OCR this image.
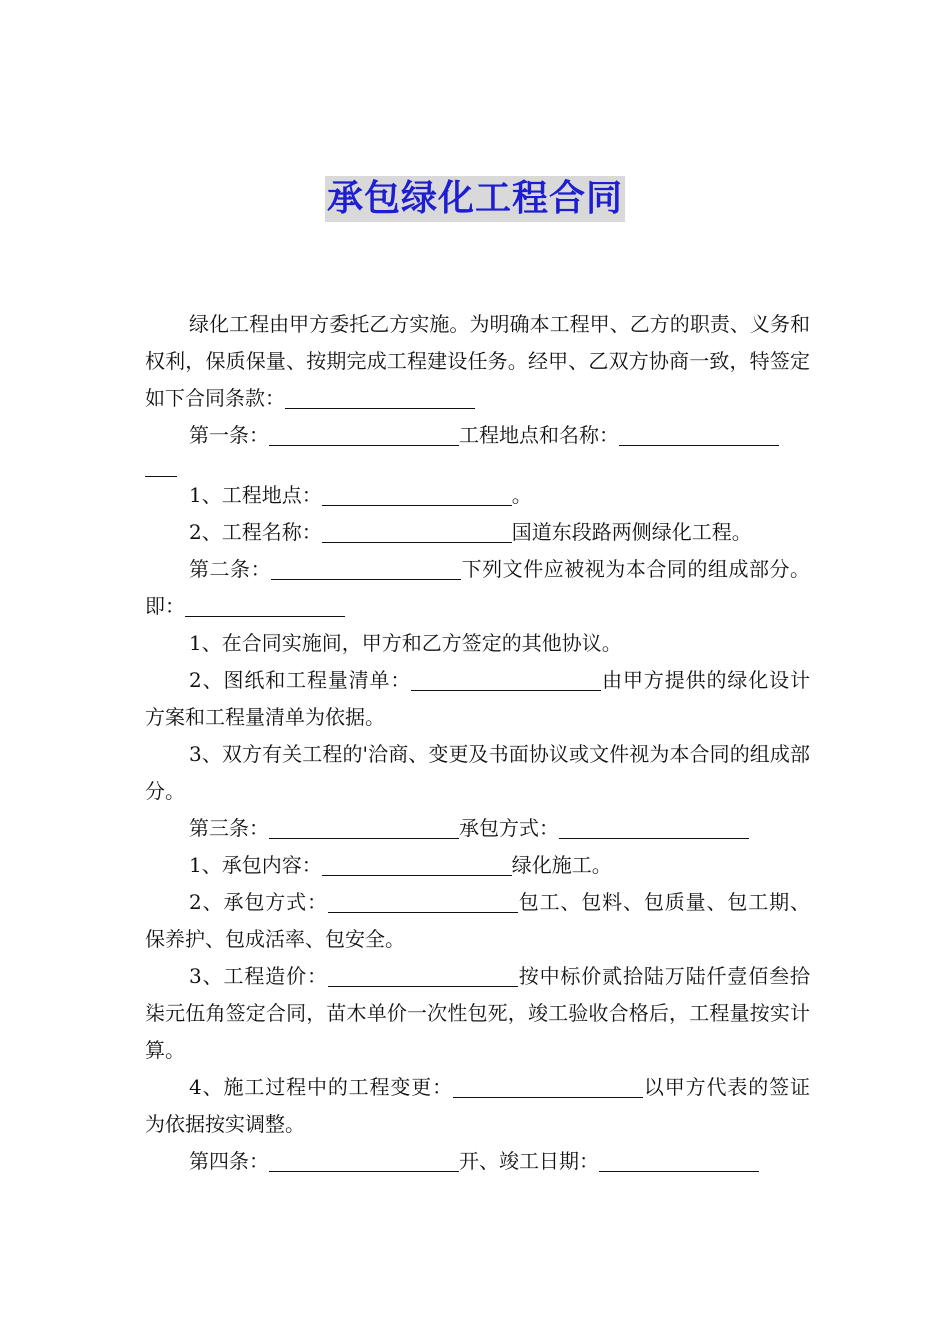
承包绿化工程合同

绿化工程由甲方委托乙方实施。为明确本工程甲、乙方的职责、义务和权利，保质保量、按期完成工程建设任务。经甲、乙双方协商一致，特签定如下合同条款：

第一条：	工程地点和名称：

1、工程地点：	。

2、工程名称：	国道东段路两侧绿化工程。

第二条：	下列文件应被视为本合同的组成部分。即：

1、在合同实施间，甲方和乙方签定的其他协议。

2、图纸和工程量清单：	由甲方提供的绿化设计方案和工程量清单为依据。

3、双方有关工程的'洽商、变更及书面协议或文件视为本合同的组成部分。

第三条：	承包方式：

1、承包内容：	绿化施工。

2、承包方式：	包工、包料、包质量、包工期、保养护、包成活率、包安全。

3、工程造价：	按中标价贰拾陆万陆仟壹佰叁拾柒元伍角签定合同，苗木单价一次性包死，竣工验收合格后，工程量按实计算。

4、施工过程中的工程变更：	以甲方代表的签证为依据按实调整。

第四条：	开、竣工日期：
